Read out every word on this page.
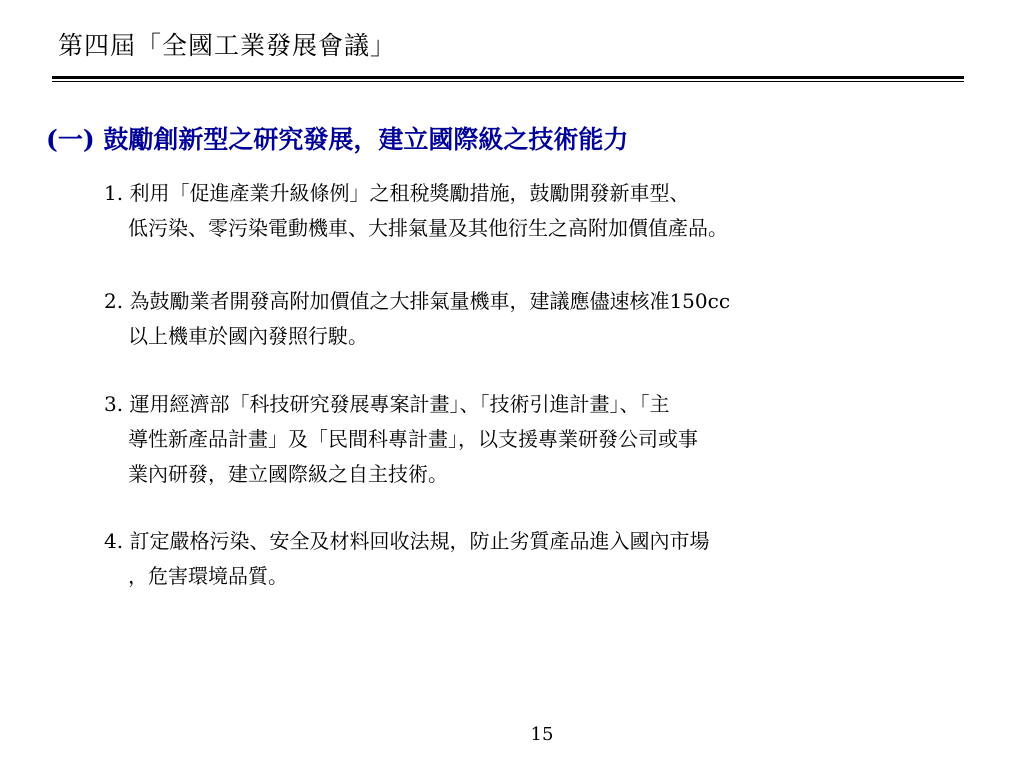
第四屆「全國工業發展會議」
(一) 鼓勵創新型之研究發展，建立國際級之技術能力
1. 利用「促進產業升級條例」之租稅獎勵措施，鼓勵開發新車型、
低污染、零污染電動機車、大排氣量及其他衍生之高附加價值產品。
2. 為鼓勵業者開發高附加價值之大排氣量機車，建議應儘速核准150cc
以上機車於國內發照行駛。
3. 運用經濟部「科技研究發展專案計畫」、「技術引進計畫」、「主
導性新產品計畫」及「民間科專計畫」，以支援專業研發公司或事
業內研發，建立國際級之自主技術。
4. 訂定嚴格污染、安全及材料回收法規，防止劣質產品進入國內市場
，危害環境品質。
15
